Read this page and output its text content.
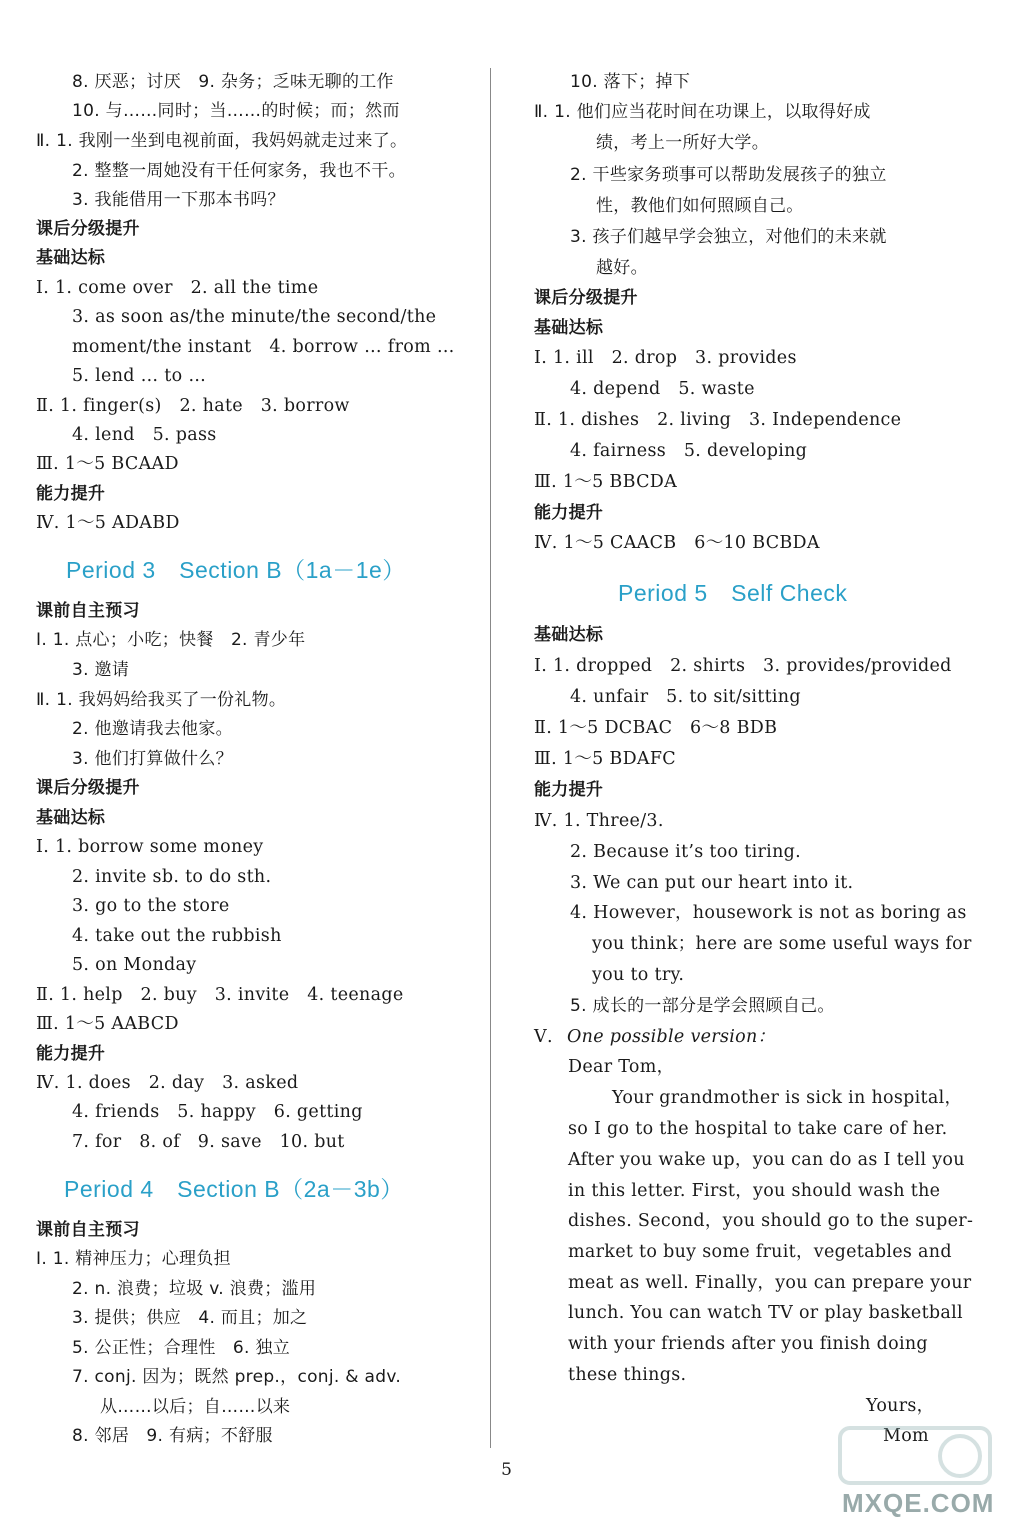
8. 厌恶；讨厌　9. 杂务；乏味无聊的工作
10. 与……同时；当……的时候；而；然而
Ⅱ. 1. 我刚一坐到电视前面，我妈妈就走过来了。
2. 整整一周她没有干任何家务，我也不干。
3. 我能借用一下那本书吗？
课后分级提升
基础达标
Ⅰ. 1. come over　2. all the time
3. as soon as/the minute/the second/the
moment/the instant　4. borrow … from …
5. lend … to …
Ⅱ. 1. finger(s)　2. hate　3. borrow
4. lend　5. pass
Ⅲ. 1～5 BCAAD
能力提升
Ⅳ. 1～5 ADABD
课前自主预习
Ⅰ. 1. 点心；小吃；快餐　2. 青少年
3. 邀请
Ⅱ. 1. 我妈妈给我买了一份礼物。
2. 他邀请我去他家。
3. 他们打算做什么？
课后分级提升
基础达标
Ⅰ. 1. borrow some money
2. invite sb. to do sth.
3. go to the store
4. take out the rubbish
5. on Monday
Ⅱ. 1. help　2. buy　3. invite　4. teenage
Ⅲ. 1～5 AABCD
能力提升
Ⅳ. 1. does　2. day　3. asked
4. friends　5. happy　6. getting
7. for　8. of　9. save　10. but
课前自主预习
Ⅰ. 1. 精神压力；心理负担
2. n. 浪费；垃圾 v. 浪费；滥用
3. 提供；供应　4. 而且；加之
5. 公正性；合理性　6. 独立
7. conj. 因为；既然 prep.，conj. & adv.
从……以后；自……以来
8. 邻居　9. 有病；不舒服
10. 落下；掉下
Ⅱ. 1. 他们应当花时间在功课上，以取得好成
绩，考上一所好大学。
2. 干些家务琐事可以帮助发展孩子的独立
性，教他们如何照顾自己。
3. 孩子们越早学会独立，对他们的未来就
越好。
课后分级提升
基础达标
Ⅰ. 1. ill　2. drop　3. provides
4. depend　5. waste
Ⅱ. 1. dishes　2. living　3. Independence
4. fairness　5. developing
Ⅲ. 1～5 BBCDA
能力提升
Ⅳ. 1～5 CAACB　6～10 BCBDA
基础达标
Ⅰ. 1. dropped　2. shirts　3. provides/provided
4. unfair　5. to sit/sitting
Ⅱ. 1～5 DCBAC　6～8 BDB
Ⅲ. 1～5 BDAFC
能力提升
Ⅳ. 1. Three/3.
2. Because it’s too tiring.
3. We can put our heart into it.
4. However，housework is not as boring as
you think；here are some useful ways for
you to try.
5. 成长的一部分是学会照顾自己。
Ⅴ. One possible version：
Dear Tom，
Your grandmother is sick in hospital，
so I go to the hospital to take care of her.
After you wake up，you can do as I tell you
in this letter. First，you should wash the
dishes. Second，you should go to the super-
market to buy some fruit，vegetables and
meat as well. Finally，you can prepare your
lunch. You can watch TV or play basketball
with your friends after you finish doing
these things.
Yours，
Mom
Period 3　Section B（1a－1e）
Period 4　Section B（2a－3b）
Period 5　Self Check
5
MXQE.COM
